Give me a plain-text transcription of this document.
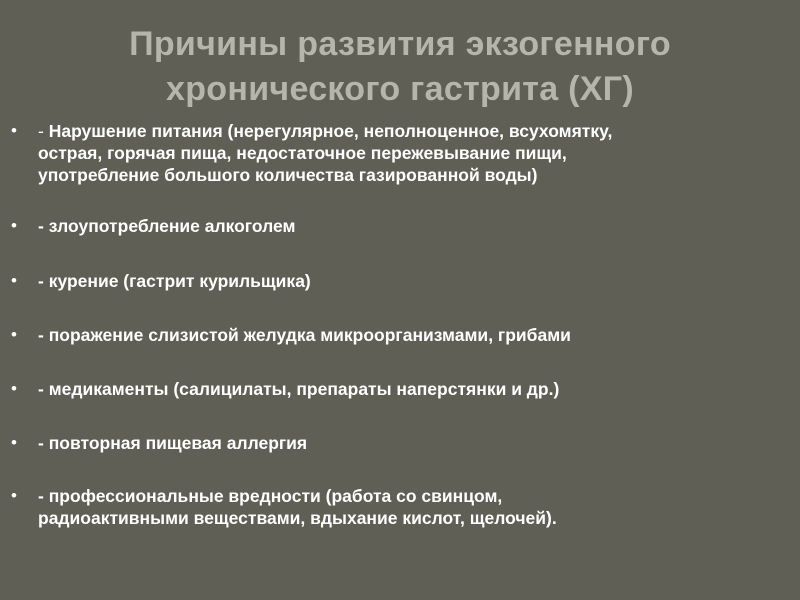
Причины развития экзогенного
хронического гастрита (ХГ)
• - Нарушение питания (нерегулярное, неполноценное, всухомятку,
острая, горячая пища, недостаточное пережевывание пищи,
употребление большого количества газированной воды)
• - злоупотребление алкоголем
• - курение (гастрит курильщика)
• - поражение слизистой желудка микроорганизмами, грибами
• - медикаменты (салицилаты, препараты наперстянки и др.)
• - повторная пищевая аллергия
• - профессиональные вредности (работа со свинцом,
радиоактивными веществами, вдыхание кислот, щелочей).
